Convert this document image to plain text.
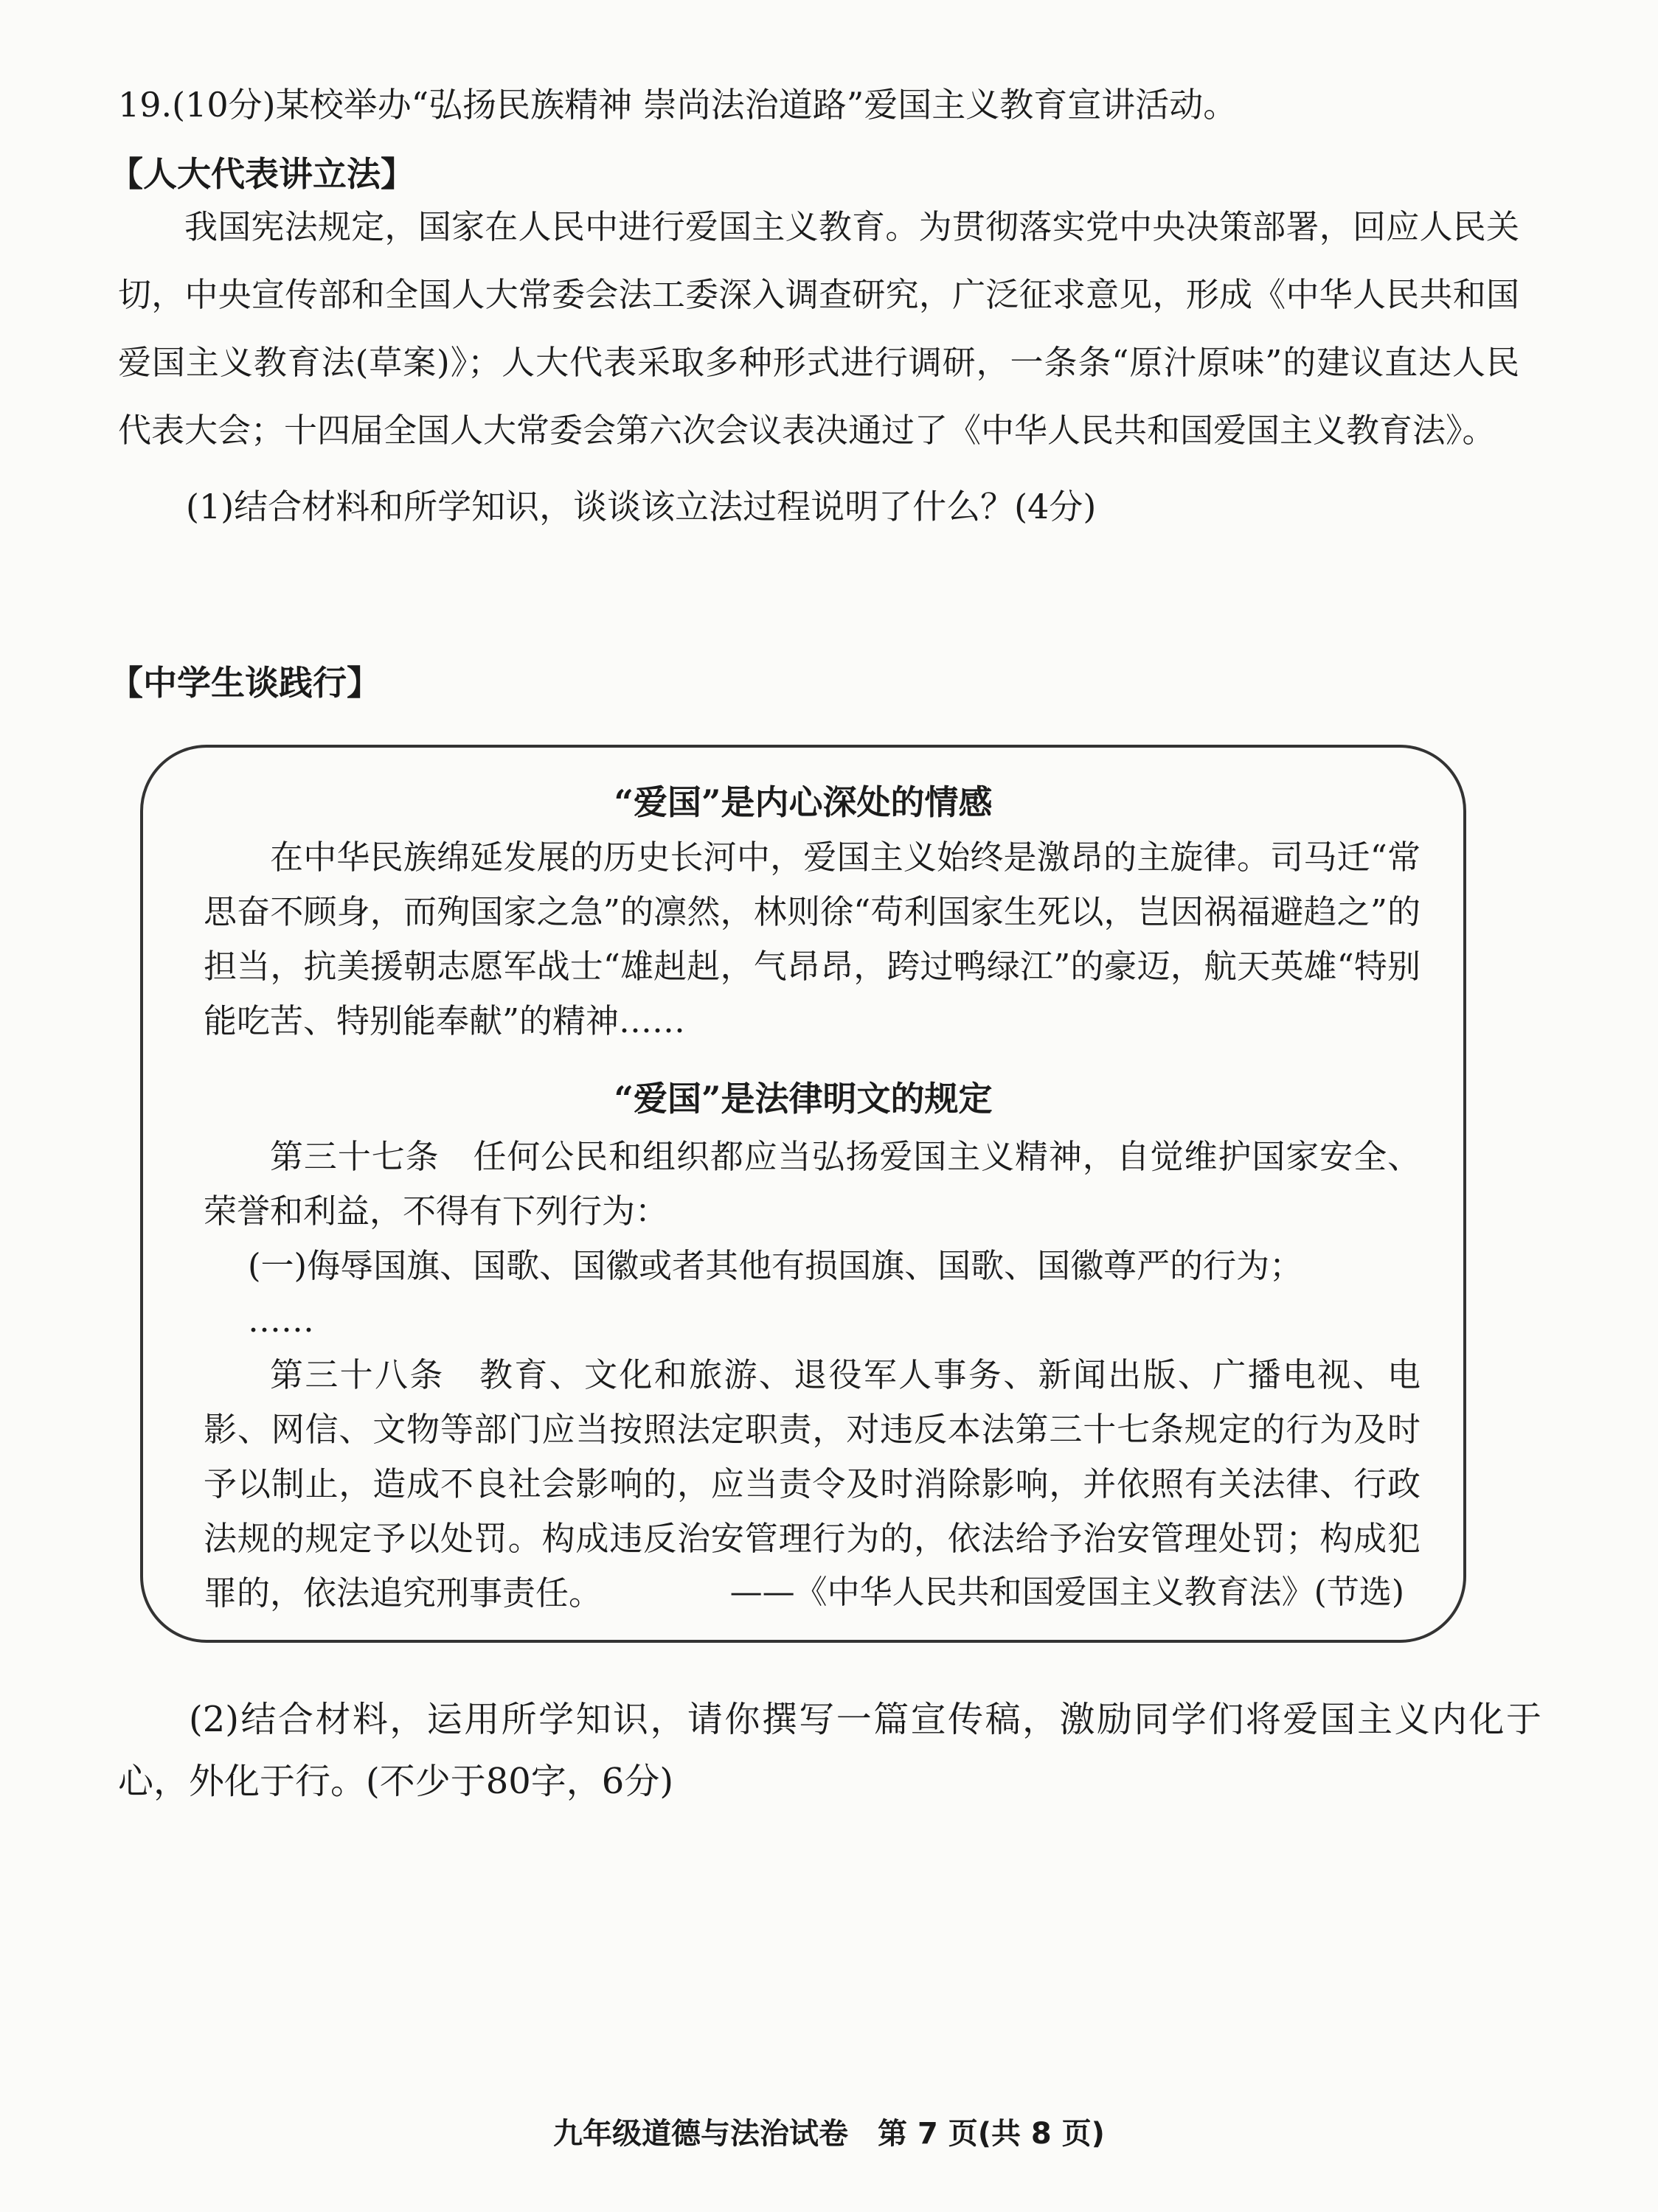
19.(10分)某校举办“弘扬民族精神 崇尚法治道路”爱国主义教育宣讲活动。
【人大代表讲立法】
我国宪法规定，国家在人民中进行爱国主义教育。为贯彻落实党中央决策部署，回应人民关切，中央宣传部和全国人大常委会法工委深入调查研究，广泛征求意见，形成《中华人民共和国爱国主义教育法(草案)》；人大代表采取多种形式进行调研，一条条“原汁原味”的建议直达人民代表大会；十四届全国人大常委会第六次会议表决通过了《中华人民共和国爱国主义教育法》。
(1)结合材料和所学知识，谈谈该立法过程说明了什么？(4分)
【中学生谈践行】
“爱国”是内心深处的情感
在中华民族绵延发展的历史长河中，爱国主义始终是激昂的主旋律。司马迁“常思奋不顾身，而殉国家之急”的凛然，林则徐“苟利国家生死以，岂因祸福避趋之”的担当，抗美援朝志愿军战士“雄赳赳，气昂昂，跨过鸭绿江”的豪迈，航天英雄“特别能吃苦、特别能奉献”的精神……
“爱国”是法律明文的规定
第三十七条　任何公民和组织都应当弘扬爱国主义精神，自觉维护国家安全、荣誉和利益，不得有下列行为：
(一)侮辱国旗、国歌、国徽或者其他有损国旗、国歌、国徽尊严的行为；
……
第三十八条　教育、文化和旅游、退役军人事务、新闻出版、广播电视、电影、网信、文物等部门应当按照法定职责，对违反本法第三十七条规定的行为及时予以制止，造成不良社会影响的，应当责令及时消除影响，并依照有关法律、行政法规的规定予以处罚。构成违反治安管理行为的，依法给予治安管理处罚；构成犯罪的，依法追究刑事责任。	——《中华人民共和国爱国主义教育法》(节选)
(2)结合材料，运用所学知识，请你撰写一篇宣传稿，激励同学们将爱国主义内化于心，外化于行。(不少于80字，6分)
九年级道德与法治试卷　第 7 页(共 8 页)
